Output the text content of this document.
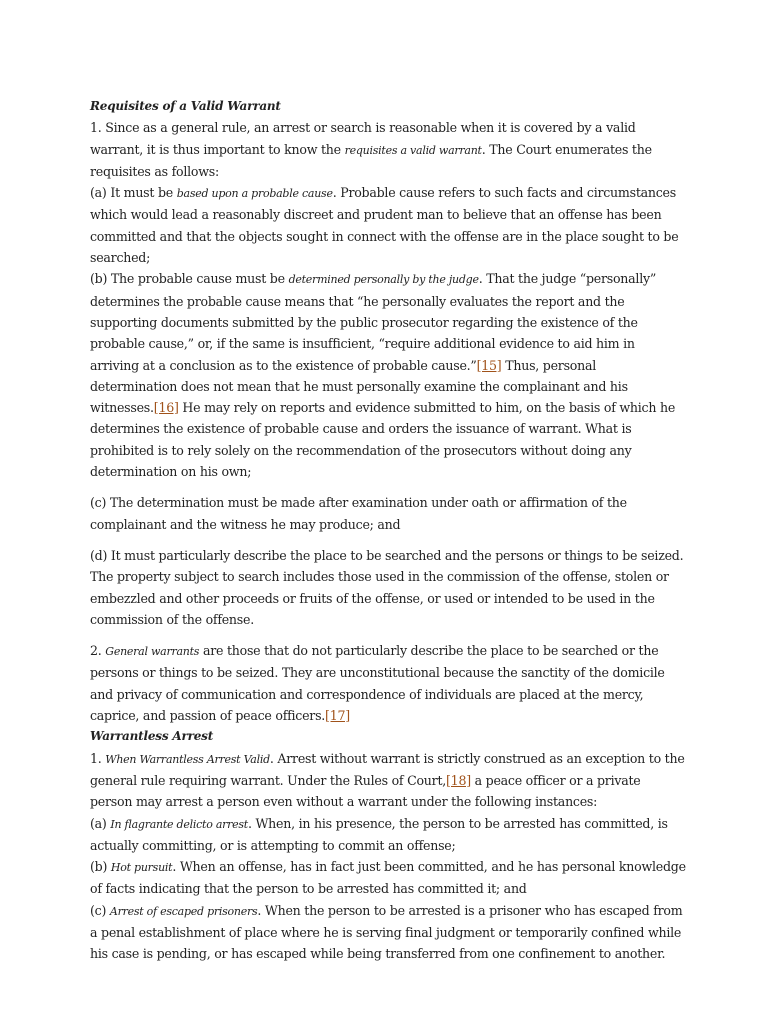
Requisites of a Valid Warrant

1. Since as a general rule, an arrest or search is reasonable when it is covered by a valid warrant, it is thus important to know the requisites a valid warrant. The Court enumerates the requisites as follows:

(a) It must be based upon a probable cause. Probable cause refers to such facts and circumstances which would lead a reasonably discreet and prudent man to believe that an offense has been committed and that the objects sought in connect with the offense are in the place sought to be searched;

(b) The probable cause must be determined personally by the judge. That the judge “personally” determines the probable cause means that “he personally evaluates the report and the supporting documents submitted by the public prosecutor regarding the existence of the probable cause,” or, if the same is insufficient, “require additional evidence to aid him in arriving at a conclusion as to the existence of probable cause.”[15] Thus, personal determination does not mean that he must personally examine the complainant and his witnesses.[16] He may rely on reports and evidence submitted to him, on the basis of which he determines the existence of probable cause and orders the issuance of warrant. What is prohibited is to rely solely on the recommendation of the prosecutors without doing any determination on his own;

(c) The determination must be made after examination under oath or affirmation of the complainant and the witness he may produce; and

(d) It must particularly describe the place to be searched and the persons or things to be seized. The property subject to search includes those used in the commission of the offense, stolen or embezzled and other proceeds or fruits of the offense, or used or intended to be used in the commission of the offense.

2. General warrants are those that do not particularly describe the place to be searched or the persons or things to be seized. They are unconstitutional because the sanctity of the domicile and privacy of communication and correspondence of individuals are placed at the mercy, caprice, and passion of peace officers.[17]

Warrantless Arrest

1. When Warrantless Arrest Valid. Arrest without warrant is strictly construed as an exception to the general rule requiring warrant. Under the Rules of Court,[18] a peace officer or a private person may arrest a person even without a warrant under the following instances:

(a) In flagrante delicto arrest. When, in his presence, the person to be arrested has committed, is actually committing, or is attempting to commit an offense;

(b) Hot pursuit. When an offense, has in fact just been committed, and he has personal knowledge of facts indicating that the person to be arrested has committed it; and

(c) Arrest of escaped prisoners. When the person to be arrested is a prisoner who has escaped from a penal establishment of place where he is serving final judgment or temporarily confined while his case is pending, or has escaped while being transferred from one confinement to another.
